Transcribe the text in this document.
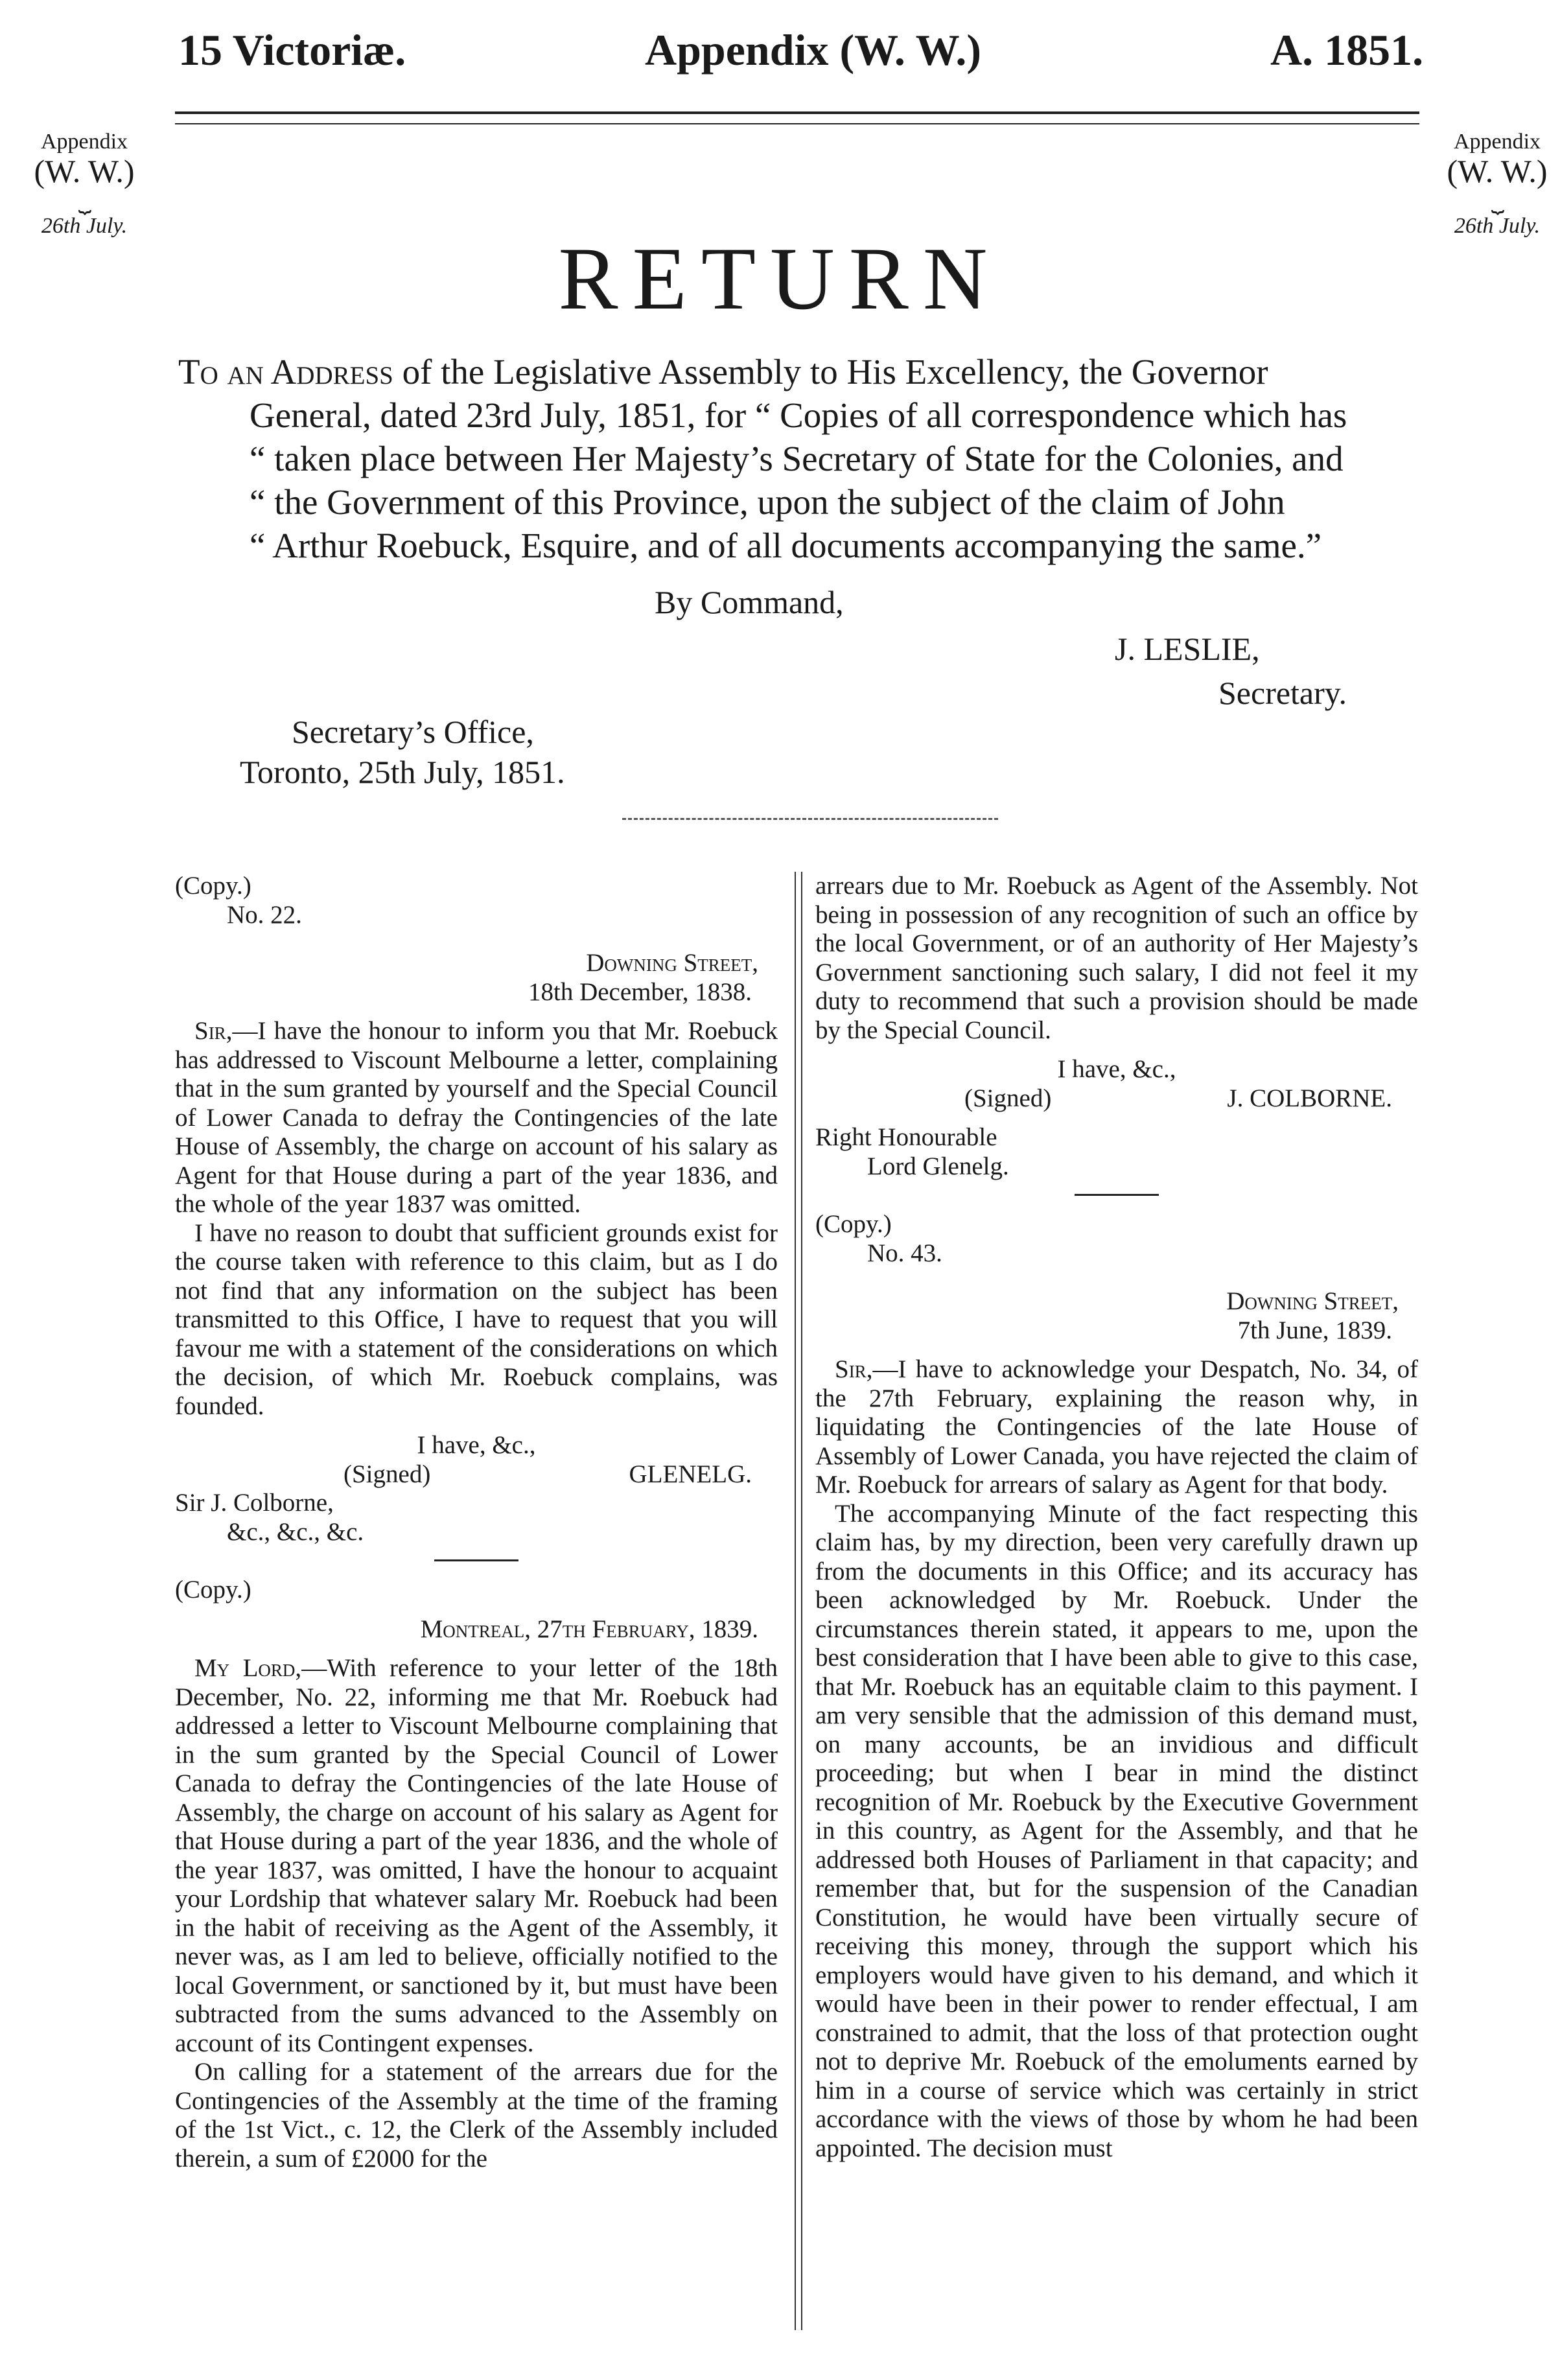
15 Victoriæ.	Appendix (W. W.)	A. 1851.
Appendix
(W. W.)
⏟
26th July.
Appendix
(W. W.)
⏟
26th July.
RETURN
To an Address of the Legislative Assembly to His Excellency, the Governor
General, dated 23rd July, 1851, for “ Copies of all correspondence which has
“ taken place between Her Majesty’s Secretary of State for the Colonies, and
“ the Government of this Province, upon the subject of the claim of John
“ Arthur Roebuck, Esquire, and of all documents accompanying the same.”
By Command,
J. LESLIE,
Secretary.
Secretary’s Office,
Toronto, 25th July, 1851.
(Copy.)
No. 22.
Downing Street,
18th December, 1838.

Sir,—I have the honour to inform you that Mr. Roebuck has addressed to Viscount Melbourne a letter, complaining that in the sum granted by yourself and the Special Council of Lower Canada to defray the Contingencies of the late House of Assembly, the charge on account of his salary as Agent for that House during a part of the year 1836, and the whole of the year 1837 was omitted.

I have no reason to doubt that sufficient grounds exist for the course taken with reference to this claim, but as I do not find that any information on the subject has been transmitted to this Office, I have to request that you will favour me with a statement of the considerations on which the decision, of which Mr. Roebuck complains, was founded.

I have, &c.,
(Signed)	GLENELG.
Sir J. Colborne,
&c., &c., &c.
(Copy.)
Montreal, 27th February, 1839.

My Lord,—With reference to your letter of the 18th December, No. 22, informing me that Mr. Roebuck had addressed a letter to Viscount Melbourne complaining that in the sum granted by the Special Council of Lower Canada to defray the Contingencies of the late House of Assembly, the charge on account of his salary as Agent for that House during a part of the year 1836, and the whole of the year 1837, was omitted, I have the honour to acquaint your Lordship that whatever salary Mr. Roebuck had been in the habit of receiving as the Agent of the Assembly, it never was, as I am led to believe, officially notified to the local Government, or sanctioned by it, but must have been subtracted from the sums advanced to the Assembly on account of its Contingent expenses.

On calling for a statement of the arrears due for the Contingencies of the Assembly at the time of the framing of the 1st Vict., c. 12, the Clerk of the Assembly included therein, a sum of £2000 for the

arrears due to Mr. Roebuck as Agent of the Assembly. Not being in possession of any recognition of such an office by the local Government, or of an authority of Her Majesty’s Government sanctioning such salary, I did not feel it my duty to recommend that such a provision should be made by the Special Council.

I have, &c.,
(Signed)	J. COLBORNE.
Right Honourable
Lord Glenelg.
(Copy.)
No. 43.
Downing Street,
7th June, 1839.

Sir,—I have to acknowledge your Despatch, No. 34, of the 27th February, explaining the reason why, in liquidating the Contingencies of the late House of Assembly of Lower Canada, you have rejected the claim of Mr. Roebuck for arrears of salary as Agent for that body.

The accompanying Minute of the fact respecting this claim has, by my direction, been very carefully drawn up from the documents in this Office; and its accuracy has been acknowledged by Mr. Roebuck. Under the circumstances therein stated, it appears to me, upon the best consideration that I have been able to give to this case, that Mr. Roebuck has an equitable claim to this payment. I am very sensible that the admission of this demand must, on many accounts, be an invidious and difficult proceeding; but when I bear in mind the distinct recognition of Mr. Roebuck by the Executive Government in this country, as Agent for the Assembly, and that he addressed both Houses of Parliament in that capacity; and remember that, but for the suspension of the Canadian Constitution, he would have been virtually secure of receiving this money, through the support which his employers would have given to his demand, and which it would have been in their power to render effectual, I am constrained to admit, that the loss of that protection ought not to deprive Mr. Roebuck of the emoluments earned by him in a course of service which was certainly in strict accordance with the views of those by whom he had been appointed. The decision must
